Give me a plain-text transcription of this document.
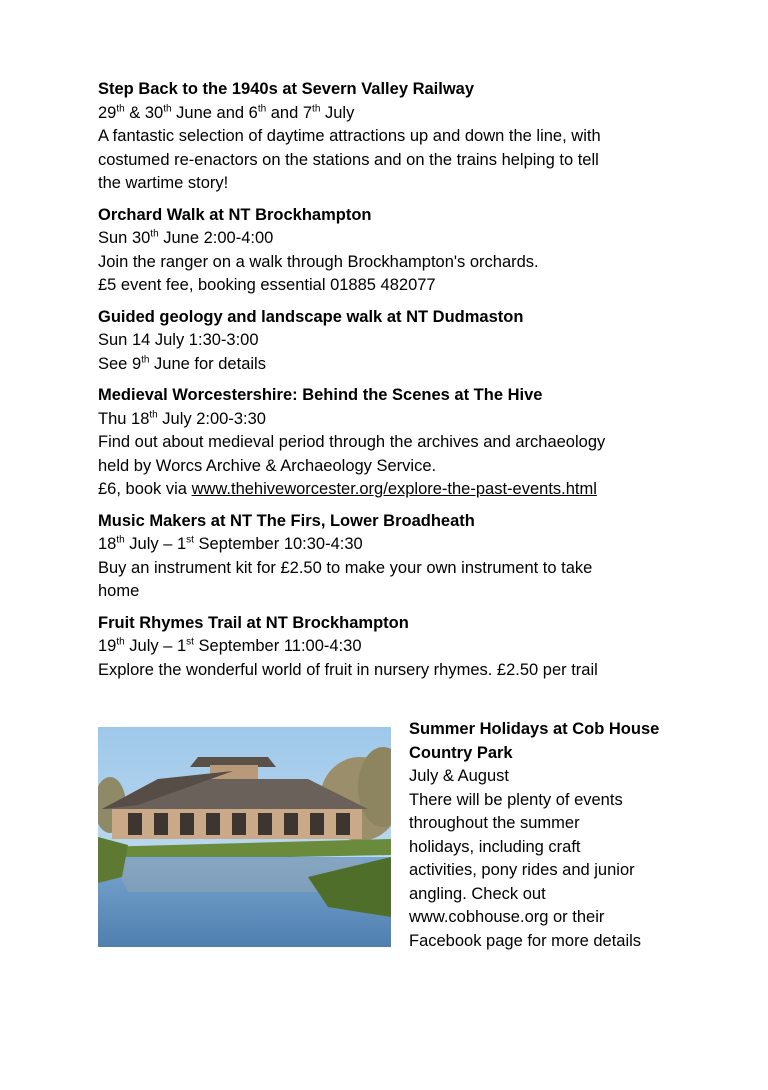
Step Back to the 1940s at Severn Valley Railway
29th & 30th June and 6th and 7th July
A fantastic selection of daytime attractions up and down the line, with
costumed re-enactors on the stations and on the trains helping to tell
the wartime story!
Orchard Walk at NT Brockhampton
Sun 30th June 2:00-4:00
Join the ranger on a walk through Brockhampton's orchards.
£5 event fee, booking essential 01885 482077
Guided geology and landscape walk at NT Dudmaston
Sun 14 July 1:30-3:00
See 9th June for details
Medieval Worcestershire: Behind the Scenes at The Hive
Thu 18th July 2:00-3:30
Find out about medieval period through the archives and archaeology
held by Worcs Archive & Archaeology Service.
£6, book via www.thehiveworcester.org/explore-the-past-events.html
Music Makers at NT The Firs, Lower Broadheath
18th July – 1st September 10:30-4:30
Buy an instrument kit for £2.50 to make your own instrument to take
home
Fruit Rhymes Trail at NT Brockhampton
19th July – 1st September 11:00-4:30
Explore the wonderful world of fruit in nursery rhymes. £2.50 per trail
Summer Holidays at Cob House
Country Park
July & August
There will be plenty of events
throughout the summer
holidays, including craft
activities, pony rides and junior
angling. Check out
www.cobhouse.org or their
Facebook page for more details
